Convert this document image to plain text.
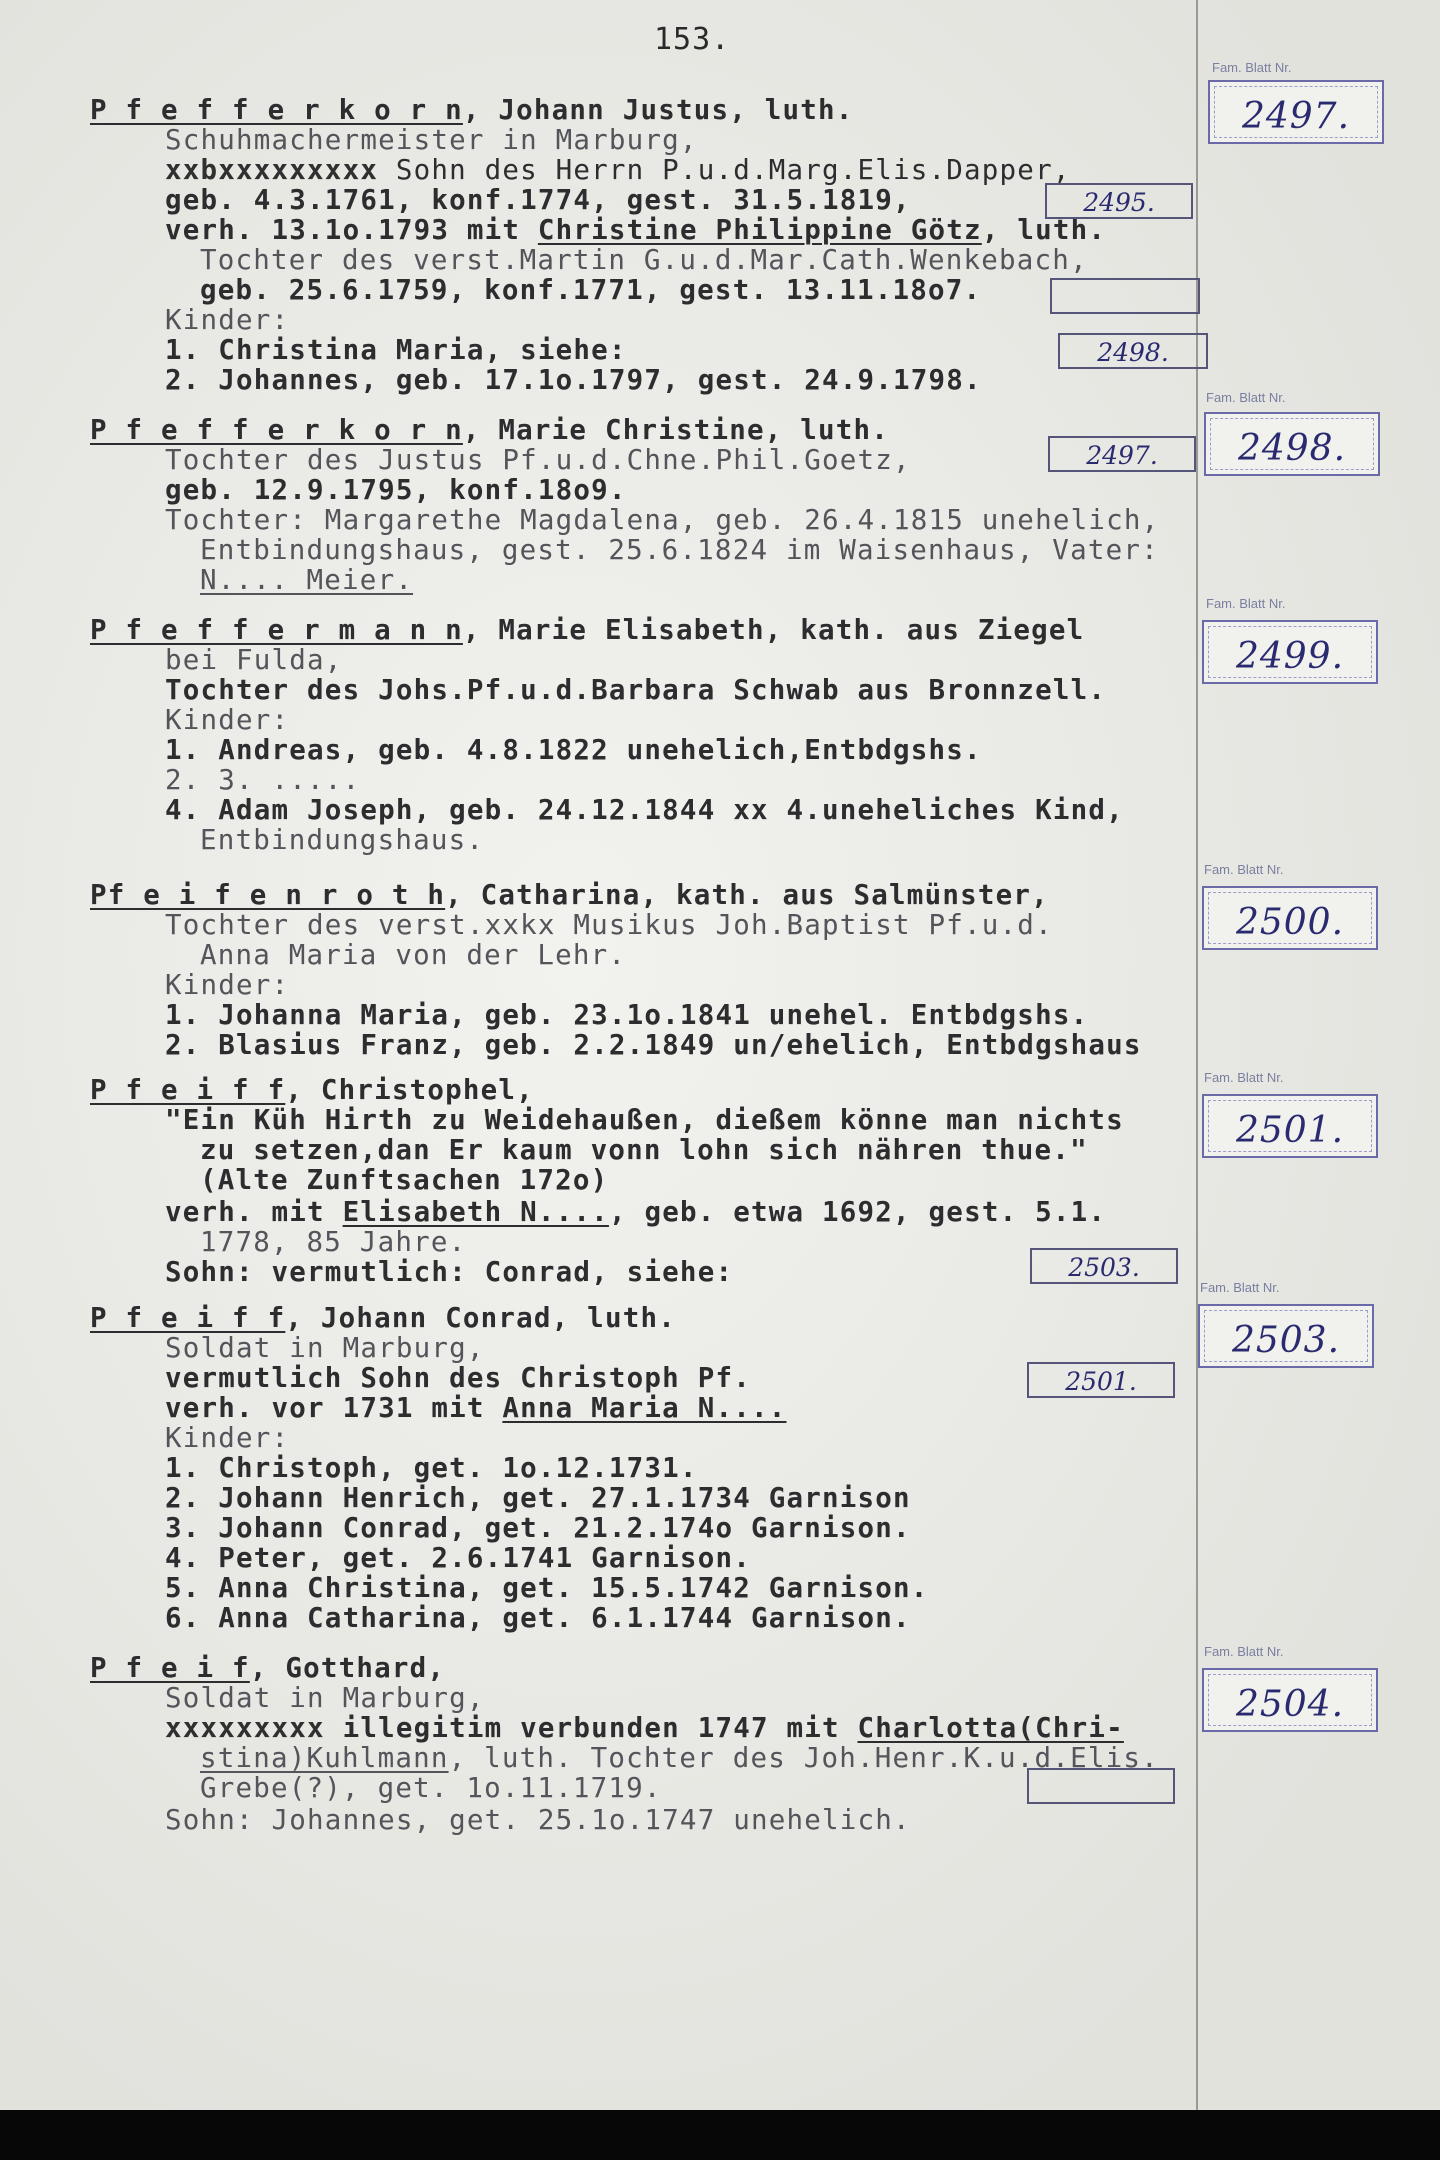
153.
P f e f f e r k o r n, Johann Justus, luth.
Schuhmachermeister in Marburg,
xxbxxxxxxxxx Sohn des Herrn P.u.d.Marg.Elis.Dapper,
geb. 4.3.1761, konf.1774, gest. 31.5.1819,
verh. 13.1o.1793 mit Christine Philippine Götz, luth.
Tochter des verst.Martin G.u.d.Mar.Cath.Wenkebach,
geb. 25.6.1759, konf.1771, gest. 13.11.18o7.
Kinder:
1. Christina Maria, siehe:
2. Johannes, geb. 17.1o.1797, gest. 24.9.1798.
P f e f f e r k o r n, Marie Christine, luth.
Tochter des Justus Pf.u.d.Chne.Phil.Goetz,
geb. 12.9.1795, konf.18o9.
Tochter: Margarethe Magdalena, geb. 26.4.1815 unehelich,
Entbindungshaus, gest. 25.6.1824 im Waisenhaus, Vater:
N.... Meier.
P f e f f e r m a n n, Marie Elisabeth, kath. aus Ziegel
bei Fulda,
Tochter des Johs.Pf.u.d.Barbara Schwab aus Bronnzell.
Kinder:
1. Andreas, geb. 4.8.1822 unehelich,Entbdgshs.
2. 3. .....
4. Adam Joseph, geb. 24.12.1844 xx 4.uneheliches Kind,
Entbindungshaus.
Pf e i f e n r o t h, Catharina, kath. aus Salmünster,
Tochter des verst.xxkx Musikus Joh.Baptist Pf.u.d.
Anna Maria von der Lehr.
Kinder:
1. Johanna Maria, geb. 23.1o.1841 unehel. Entbdgshs.
2. Blasius Franz, geb. 2.2.1849 un/ehelich, Entbdgshaus
P f e i f f, Christophel,
"Ein Küh Hirth zu Weidehaußen, dießem könne man nichts
zu setzen,dan Er kaum vonn lohn sich nähren thue."
(Alte Zunftsachen 172o)
verh. mit Elisabeth N...., geb. etwa 1692, gest. 5.1.
1778, 85 Jahre.
Sohn: vermutlich: Conrad, siehe:
P f e i f f, Johann Conrad, luth.
Soldat in Marburg,
vermutlich Sohn des Christoph Pf.
verh. vor 1731 mit Anna Maria N....
Kinder:
1. Christoph, get. 1o.12.1731.
2. Johann Henrich, get. 27.1.1734 Garnison
3. Johann Conrad, get. 21.2.174o Garnison.
4. Peter, get. 2.6.1741 Garnison.
5. Anna Christina, get. 15.5.1742 Garnison.
6. Anna Catharina, get. 6.1.1744 Garnison.
P f e i f, Gotthard,
Soldat in Marburg,
xxxxxxxxx illegitim verbunden 1747 mit Charlotta(Chri-
stina)Kuhlmann, luth. Tochter des Joh.Henr.K.u.d.Elis.
Grebe(?), get. 1o.11.1719.
Sohn: Johannes, get. 25.1o.1747 unehelich.
2495.
2498.
2497.
2503.
2501.
Fam. Blatt Nr.
2497.
Fam. Blatt Nr.
2498.
Fam. Blatt Nr.
2499.
Fam. Blatt Nr.
2500.
Fam. Blatt Nr.
2501.
Fam. Blatt Nr.
2503.
Fam. Blatt Nr.
2504.
